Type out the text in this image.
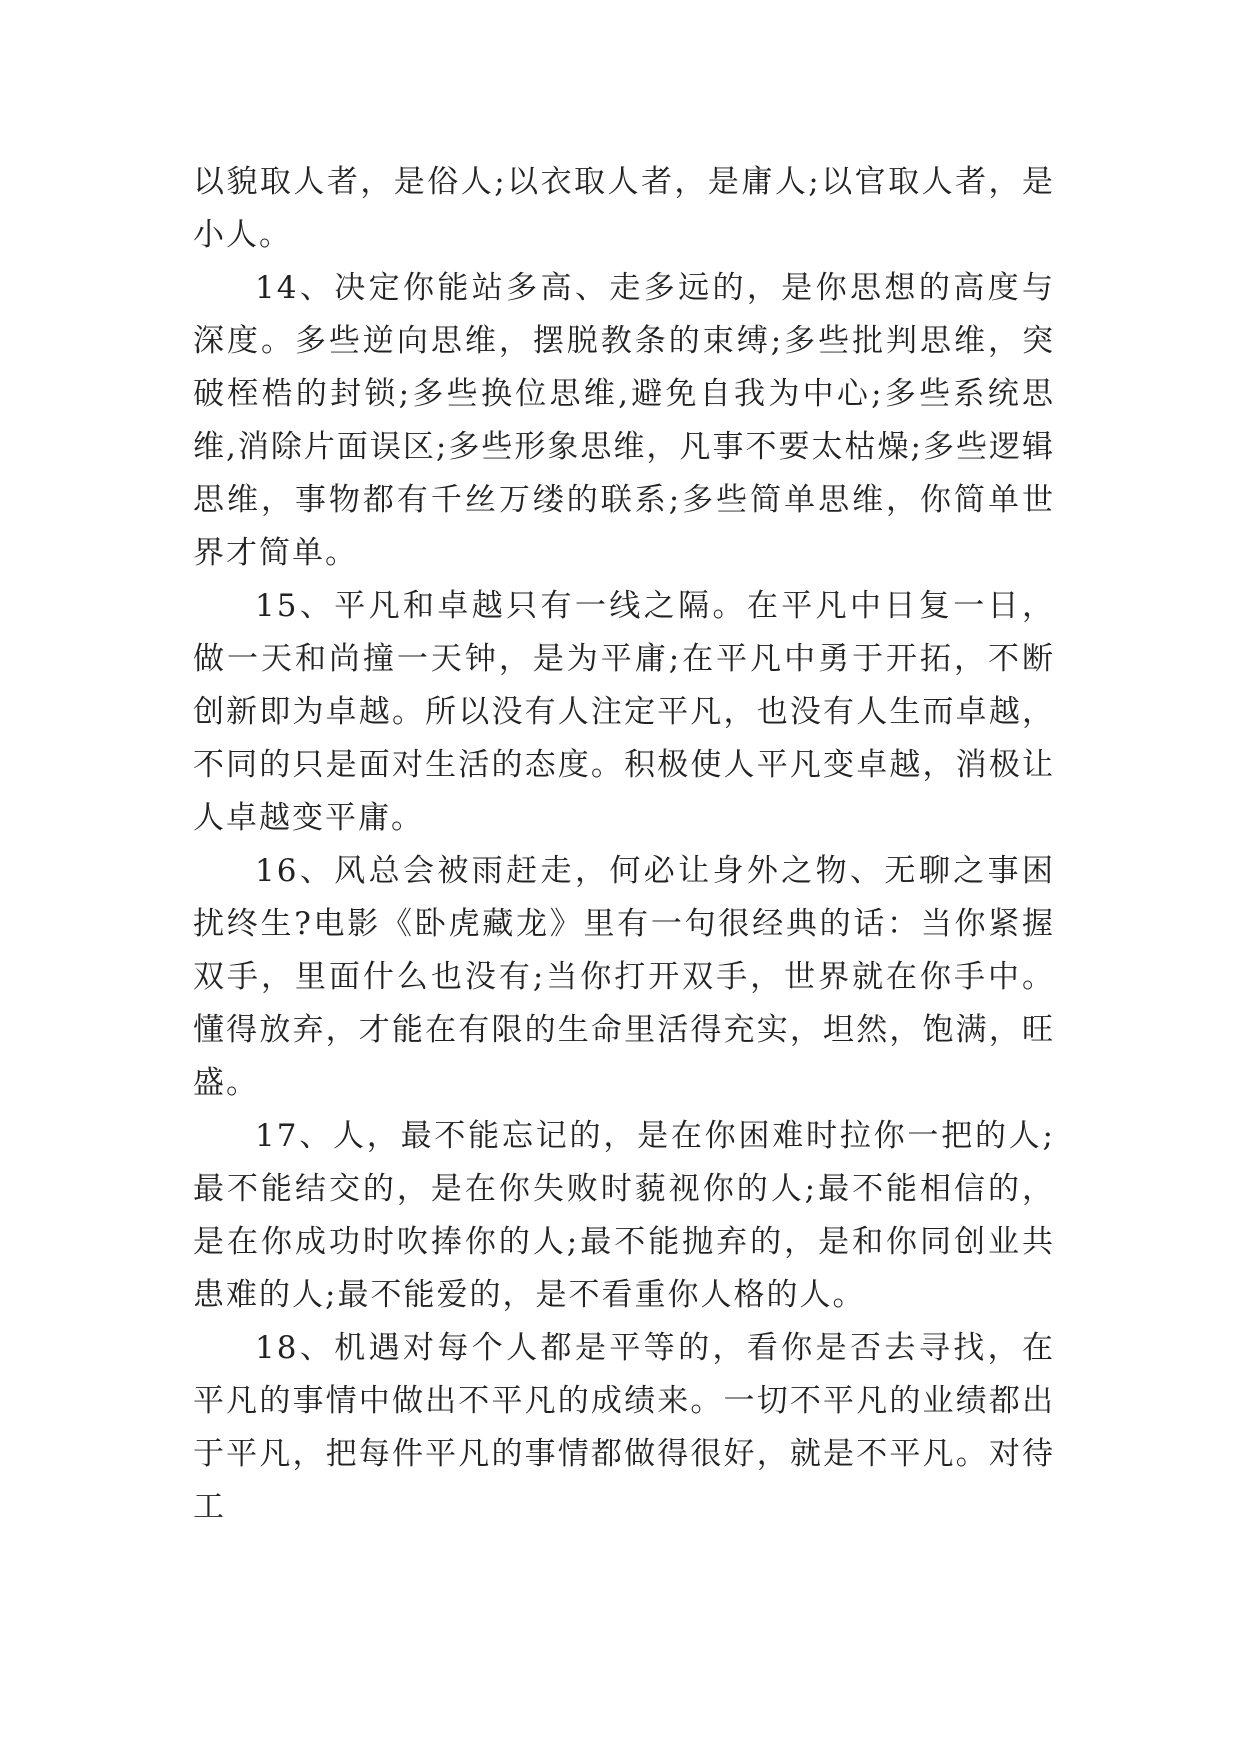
以貌取人者，是俗人;以衣取人者，是庸人;以官取人者，是小人。

14、决定你能站多高、走多远的，是你思想的高度与深度。多些逆向思维，摆脱教条的束缚;多些批判思维，突破桎梏的封锁;多些换位思维,避免自我为中心;多些系统思维,消除片面误区;多些形象思维，凡事不要太枯燥;多些逻辑思维，事物都有千丝万缕的联系;多些简单思维，你简单世界才简单。

15、平凡和卓越只有一线之隔。在平凡中日复一日，做一天和尚撞一天钟，是为平庸;在平凡中勇于开拓，不断创新即为卓越。所以没有人注定平凡，也没有人生而卓越，不同的只是面对生活的态度。积极使人平凡变卓越，消极让人卓越变平庸。

16、风总会被雨赶走，何必让身外之物、无聊之事困扰终生?电影《卧虎藏龙》里有一句很经典的话：当你紧握双手，里面什么也没有;当你打开双手，世界就在你手中。懂得放弃，才能在有限的生命里活得充实，坦然，饱满，旺盛。

17、人，最不能忘记的，是在你困难时拉你一把的人;最不能结交的，是在你失败时藐视你的人;最不能相信的，是在你成功时吹捧你的人;最不能抛弃的，是和你同创业共患难的人;最不能爱的，是不看重你人格的人。

18、机遇对每个人都是平等的，看你是否去寻找，在平凡的事情中做出不平凡的成绩来。一切不平凡的业绩都出于平凡，把每件平凡的事情都做得很好，就是不平凡。对待工
